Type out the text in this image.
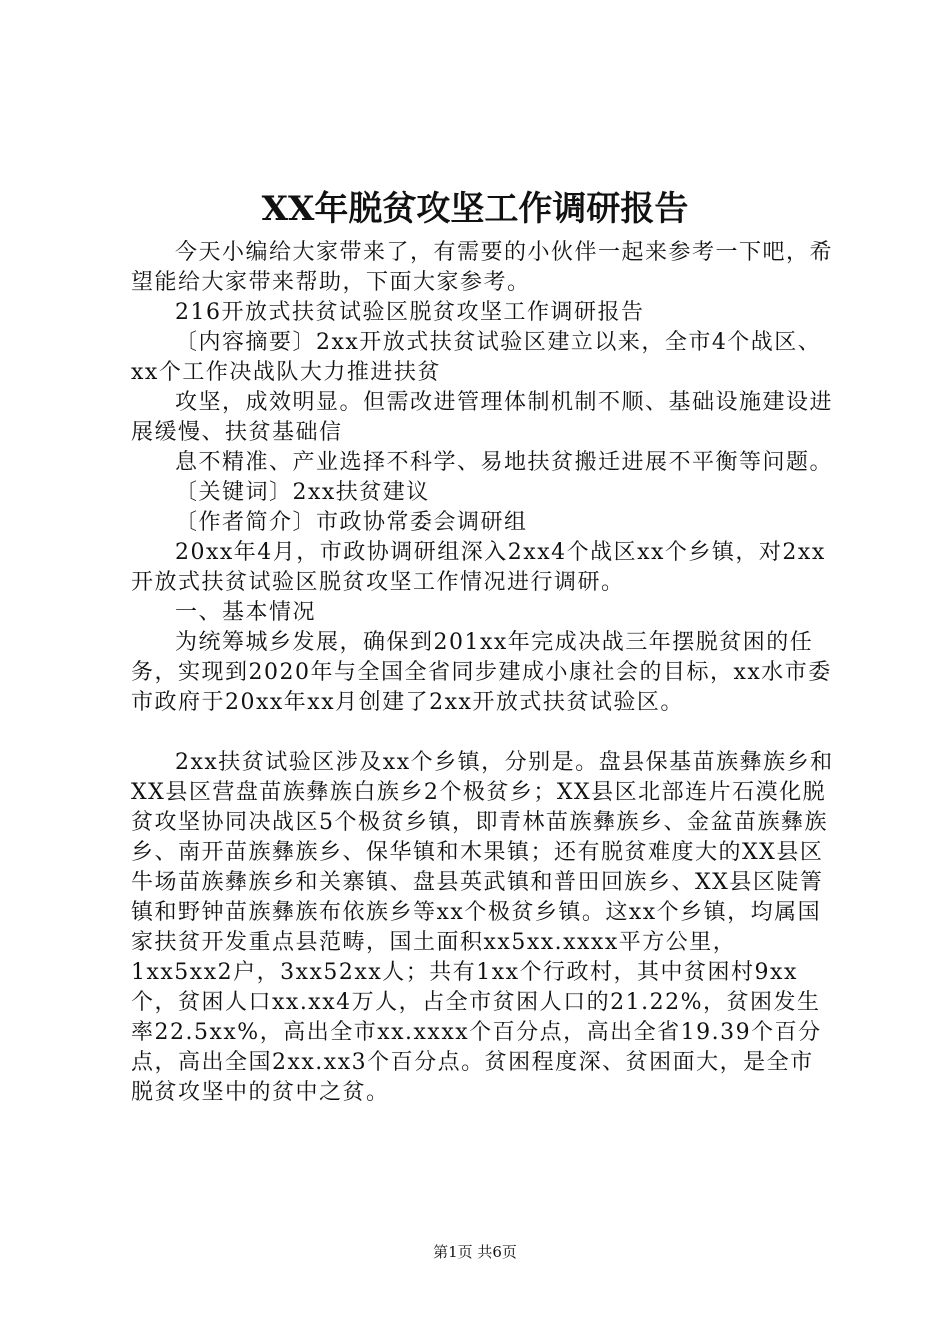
XX年脱贫攻坚工作调研报告

今天小编给大家带来了，有需要的小伙伴一起来参考一下吧，希望能给大家带来帮助，下面大家参考。

216开放式扶贫试验区脱贫攻坚工作调研报告

〔内容摘要〕2xx开放式扶贫试验区建立以来，全市4个战区、xx个工作决战队大力推进扶贫

攻坚，成效明显。但需改进管理体制机制不顺、基础设施建设进展缓慢、扶贫基础信

息不精准、产业选择不科学、易地扶贫搬迁进展不平衡等问题。

〔关键词〕2xx扶贫建议

〔作者简介〕市政协常委会调研组

20xx年4月，市政协调研组深入2xx4个战区xx个乡镇，对2xx开放式扶贫试验区脱贫攻坚工作情况进行调研。

一、基本情况

为统筹城乡发展，确保到201xx年完成决战三年摆脱贫困的任务，实现到2020年与全国全省同步建成小康社会的目标，xx水市委市政府于20xx年xx月创建了2xx开放式扶贫试验区。

2xx扶贫试验区涉及xx个乡镇，分别是。盘县保基苗族彝族乡和XX县区营盘苗族彝族白族乡2个极贫乡；XX县区北部连片石漠化脱贫攻坚协同决战区5个极贫乡镇，即青林苗族彝族乡、金盆苗族彝族乡、南开苗族彝族乡、保华镇和木果镇；还有脱贫难度大的XX县区牛场苗族彝族乡和关寨镇、盘县英武镇和普田回族乡、XX县区陡箐镇和野钟苗族彝族布依族乡等xx个极贫乡镇。这xx个乡镇，均属国家扶贫开发重点县范畴，国土面积xx5xx.xxxx平方公里，1xx5xx2户，3xx52xx人；共有1xx个行政村，其中贫困村9xx个，贫困人口xx.xx4万人，占全市贫困人口的21.22%，贫困发生率22.5xx%，高出全市xx.xxxx个百分点，高出全省19.39个百分点，高出全国2xx.xx3个百分点。贫困程度深、贫困面大，是全市脱贫攻坚中的贫中之贫。

第1页 共6页
